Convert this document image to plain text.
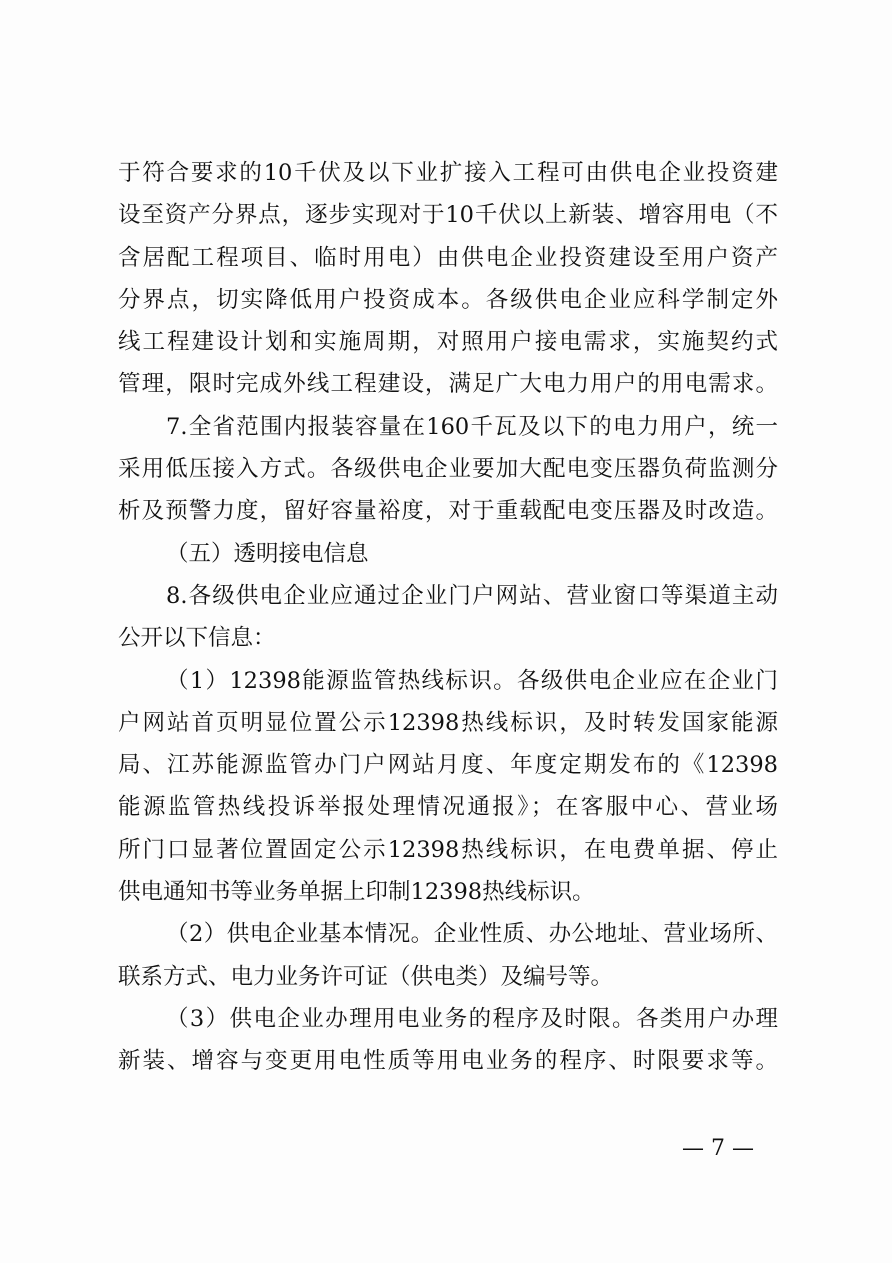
于符合要求的10千伏及以下业扩接入工程可由供电企业投资建
设至资产分界点，逐步实现对于10千伏以上新装、增容用电（不
含居配工程项目、临时用电）由供电企业投资建设至用户资产
分界点，切实降低用户投资成本。各级供电企业应科学制定外
线工程建设计划和实施周期，对照用户接电需求，实施契约式
管理，限时完成外线工程建设，满足广大电力用户的用电需求。
7.全省范围内报装容量在160千瓦及以下的电力用户，统一
采用低压接入方式。各级供电企业要加大配电变压器负荷监测分
析及预警力度，留好容量裕度，对于重载配电变压器及时改造。
（五）透明接电信息
8.各级供电企业应通过企业门户网站、营业窗口等渠道主动
公开以下信息：
（1）12398能源监管热线标识。各级供电企业应在企业门
户网站首页明显位置公示12398热线标识，及时转发国家能源
局、江苏能源监管办门户网站月度、年度定期发布的《12398
能源监管热线投诉举报处理情况通报》；在客服中心、营业场
所门口显著位置固定公示12398热线标识，在电费单据、停止
供电通知书等业务单据上印制12398热线标识。
（2）供电企业基本情况。企业性质、办公地址、营业场所、
联系方式、电力业务许可证（供电类）及编号等。
（3）供电企业办理用电业务的程序及时限。各类用户办理
新装、增容与变更用电性质等用电业务的程序、时限要求等。
— 7 —
